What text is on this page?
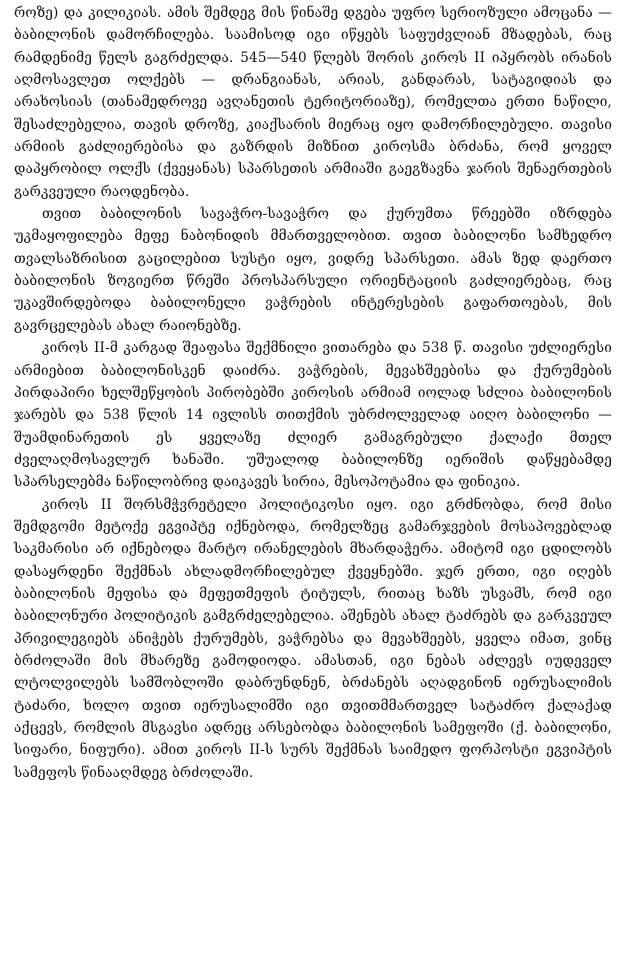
როზე) და კილიკიას. ამის შემდეგ მის წინაშე დგება უფრო სერიოზული ამოცანა — ბაბილონის დამორჩილება. საამისოდ იგი იწყებს საფუძვლიან მზადებას, რაც რამდენიმე წელს გაგრძელდა. 545—540 წლებს შორის კიროს II იპყრობს ირანის აღმოსავლეთ ოლქებს — დრანგიანას, არიას, განდარას, სატაგიდიას და არახოსიას (თანამედროვე ავღანეთის ტერიტორიაზე), რომელთა ერთი ნაწილი, შესაძლებელია, თავის დროზე, კიაქსარის მიერაც იყო დამორჩილებული. თავისი არმიის გაძლიერებისა და გაზრდის მიზნით კიროსმა ბრძანა, რომ ყოველ დაპყრობილ ოლქს (ქვეყანას) სპარსეთის არმიაში გაეგზავნა ჯარის შენაერთების გარკვეული რაოდენობა.

თვით ბაბილონის სავაჭრო-სავაჭრო და ქურუმთა წრეებში იზრდება უკმაყოფილება მეფე ნაბონიდის მმართველობით. თვით ბაბილონი სამხედრო თვალსაზრისით გაცილებით სუსტი იყო, ვიდრე სპარსეთი. ამას ზედ დაერთო ბაბილონის ზოგიერთ წრეში პროსპარსული ორიენტაციის გაძლიერებაც, რაც უკავშირდებოდა ბაბილონელი ვაჭრების ინტერესების გაფართოებას, მის გავრცელებას ახალ რაიონებზე.

კიროს II-მ კარგად შეაფასა შექმნილი ვითარება და 538 წ. თავისი უძლიერესი არმიებით ბაბილონისკენ დაიძრა. ვაჭრების, მევახშეებისა და ქურუმების პირდაპირი ხელშეწყობის პირობებში კიროსის არმიამ იოლად სძლია ბაბილონის ჯარებს და 538 წლის 14 ივლისს თითქმის უბრძოლველად აიღო ბაბილონი — შუამდინარეთის ეს ყველაზე ძლიერ გამაგრებული ქალაქი მთელ ძველაღმოსავლურ ხანაში. უშუალოდ ბაბილონზე იერიშის დაწყებამდე სპარსელებმა ნაწილობრივ დაიკავეს სირია, მესოპოტამია და ფინიკია.

კიროს II შორსმჭვრეტელი პოლიტიკოსი იყო. იგი გრძნობდა, რომ მისი შემდგომი მეტოქე ეგვიპტე იქნებოდა, რომელზეც გამარჯვების მოსაპოვებლად საკმარისი არ იქნებოდა მარტო ირანელების მხარდაჭერა. ამიტომ იგი ცდილობს დასაყრდენი შექმნას ახლადმორჩილებულ ქვეყნებში. ჯერ ერთი, იგი იღებს ბაბილონის მეფისა და მეფეთმეფის ტიტულს, რითაც ხაზს უსვამს, რომ იგი ბაბილონური პოლიტიკის გამგრძელებელია. აშენებს ახალ ტაძრებს და გარკვეულ პრივილეგიებს ანიჭებს ქურუმებს, ვაჭრებსა და მევახშეებს, ყველა იმათ, ვინც ბრძოლაში მის მხარეზე გამოდიოდა. ამასთან, იგი ნებას აძლევს იუდეველ ლტოლვილებს სამშობლოში დაბრუნდნენ, ბრძანებს აღადგინონ იერუსალიმის ტაძარი, ხოლო თვით იერუსალიმში იგი თვითმმართველ სატაძრო ქალაქად აქცევს, რომლის მსგავსი ადრეც არსებობდა ბაბილონის სამეფოში (ქ. ბაბილონი, სიფარი, ნიფური). ამით კიროს II-ს სურს შექმნას საიმედო ფორპოსტი ეგვიპტის სამეფოს წინააღმდეგ ბრძოლაში.
